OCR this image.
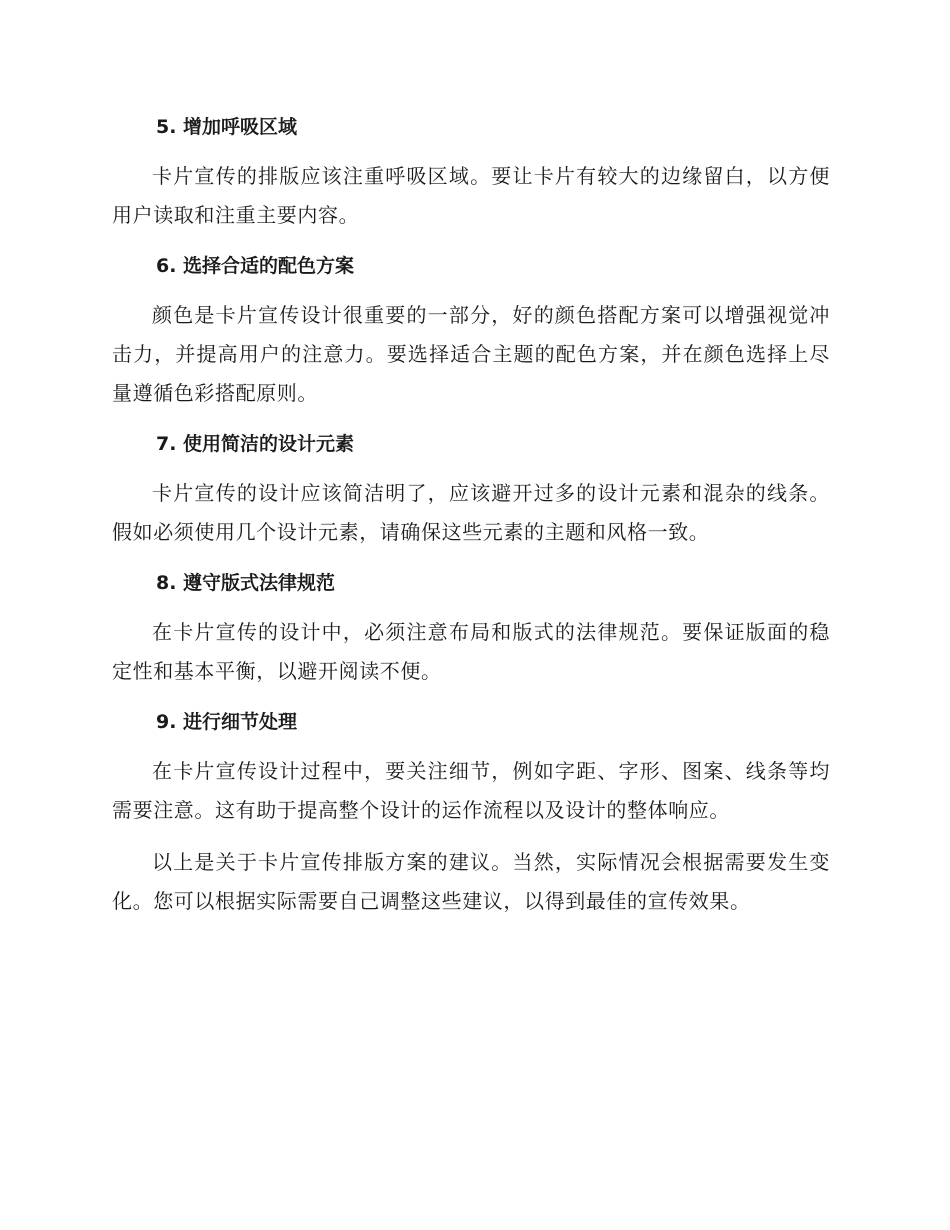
5. 增加呼吸区域

卡片宣传的排版应该注重呼吸区域。要让卡片有较大的边缘留白，以方便用户读取和注重主要内容。

6. 选择合适的配色方案

颜色是卡片宣传设计很重要的一部分，好的颜色搭配方案可以增强视觉冲击力，并提高用户的注意力。要选择适合主题的配色方案，并在颜色选择上尽量遵循色彩搭配原则。

7. 使用简洁的设计元素

卡片宣传的设计应该简洁明了，应该避开过多的设计元素和混杂的线条。假如必须使用几个设计元素，请确保这些元素的主题和风格一致。

8. 遵守版式法律规范

在卡片宣传的设计中，必须注意布局和版式的法律规范。要保证版面的稳定性和基本平衡，以避开阅读不便。

9. 进行细节处理

在卡片宣传设计过程中，要关注细节，例如字距、字形、图案、线条等均需要注意。这有助于提高整个设计的运作流程以及设计的整体响应。

以上是关于卡片宣传排版方案的建议。当然，实际情况会根据需要发生变化。您可以根据实际需要自己调整这些建议，以得到最佳的宣传效果。
